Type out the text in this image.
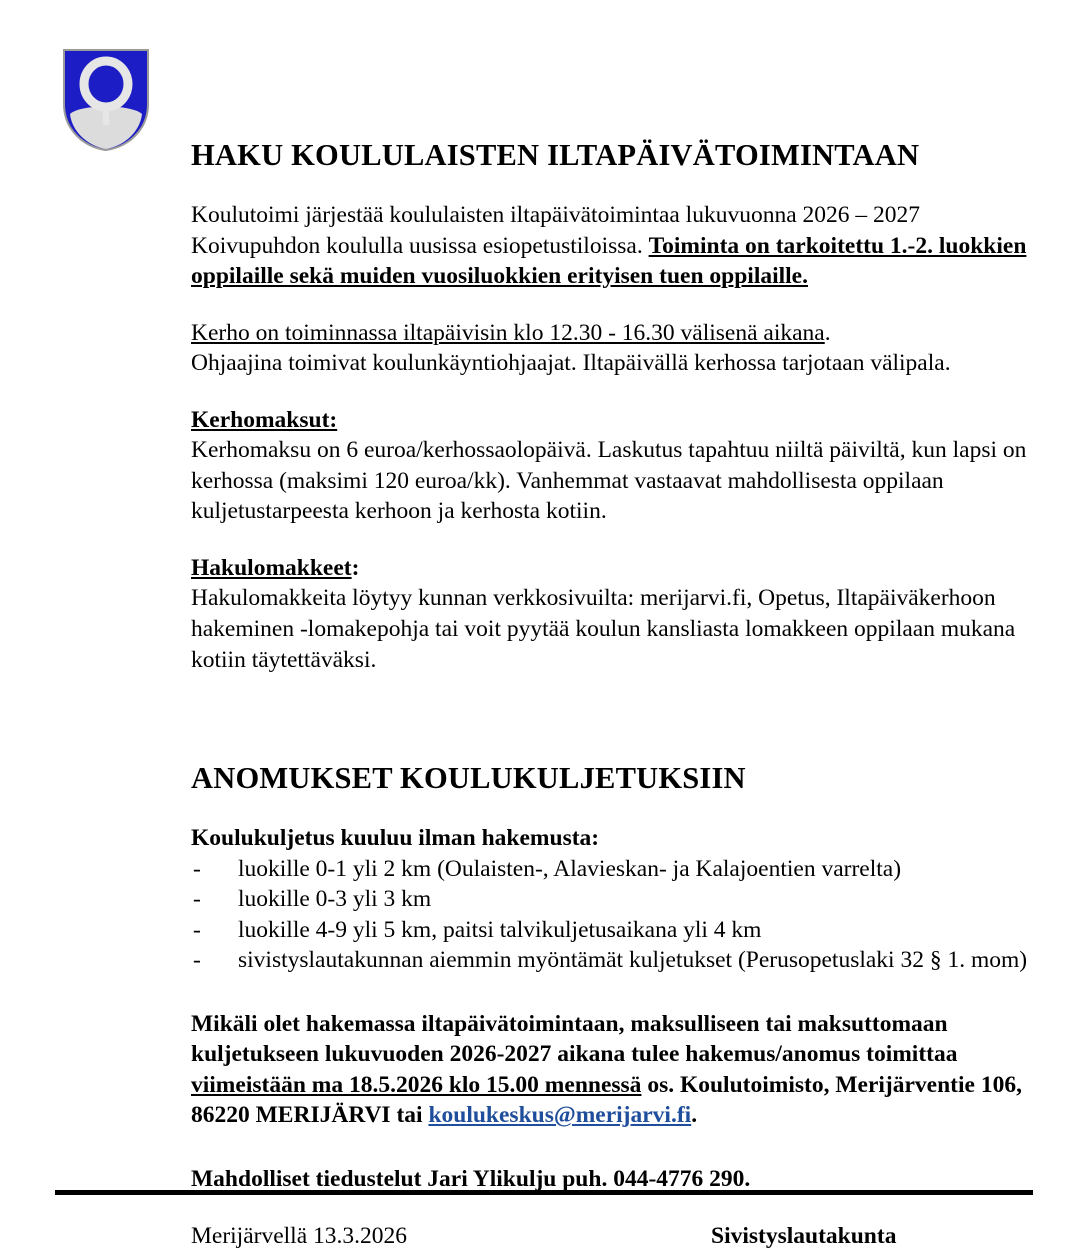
HAKU KOULULAISTEN ILTAPÄIVÄTOIMINTAAN

Koulutoimi järjestää koululaisten iltapäivätoimintaa lukuvuonna 2026 – 2027 Koivupuhdon koululla uusissa esiopetustiloissa. Toiminta on tarkoitettu 1.-2. luokkien oppilaille sekä muiden vuosiluokkien erityisen tuen oppilaille.

Kerho on toiminnassa iltapäivisin klo 12.30 - 16.30 välisenä aikana.
Ohjaajina toimivat koulunkäyntiohjaajat. Iltapäivällä kerhossa tarjotaan välipala.

Kerhomaksut:

Kerhomaksu on 6 euroa/kerhossaolopäivä. Laskutus tapahtuu niiltä päiviltä, kun lapsi on kerhossa (maksimi 120 euroa/kk). Vanhemmat vastaavat mahdollisesta oppilaan kuljetustarpeesta kerhoon ja kerhosta kotiin.

Hakulomakkeet:

Hakulomakkeita löytyy kunnan verkkosivuilta: merijarvi.fi, Opetus, Iltapäiväkerhoon hakeminen -lomakepohja tai voit pyytää koulun kansliasta lomakkeen oppilaan mukana kotiin täytettäväksi.

ANOMUKSET KOULUKULJETUKSIIN

Koulukuljetus kuuluu ilman hakemusta:

- luokille 0-1 yli 2 km (Oulaisten-, Alavieskan- ja Kalajoentien varrelta)
- luokille 0-3 yli 3 km
- luokille 4-9 yli 5 km, paitsi talvikuljetusaikana yli 4 km
- sivistyslautakunnan aiemmin myöntämät kuljetukset (Perusopetuslaki 32 § 1. mom)

Mikäli olet hakemassa iltapäivätoimintaan, maksulliseen tai maksuttomaan kuljetukseen lukuvuoden 2026-2027 aikana tulee hakemus/anomus toimittaa viimeistään ma 18.5.2026 klo 15.00 mennessä os. Koulutoimisto, Merijärventie 106, 86220 MERIJÄRVI tai koulukeskus@merijarvi.fi.

Mahdolliset tiedustelut Jari Ylikulju puh. 044-4776 290.

Merijärvellä 13.3.2026	Sivistyslautakunta
